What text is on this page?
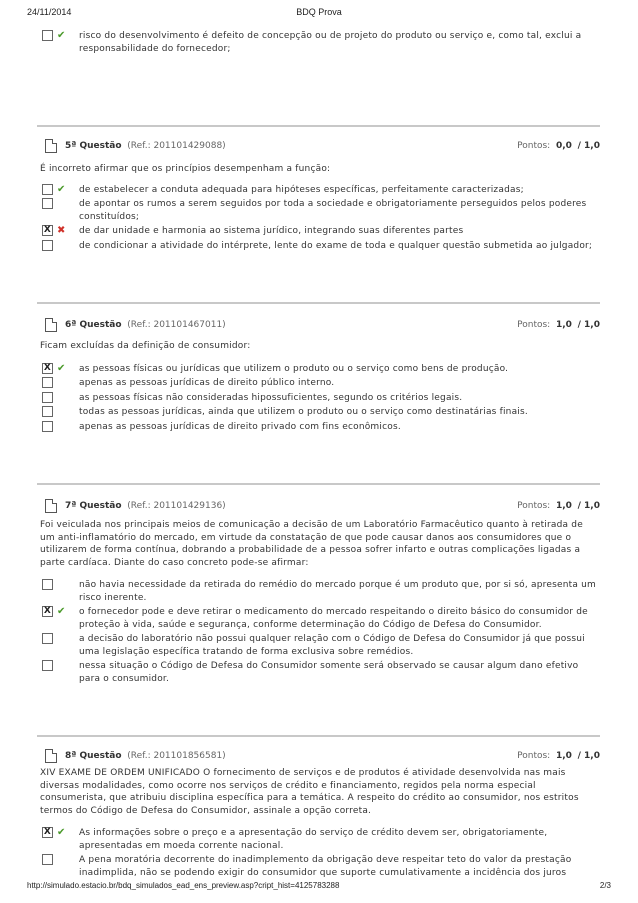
BDQ Prova
24/11/2014
✔ risco do desenvolvimento é defeito de concepção ou de projeto do produto ou serviço e, como tal, exclui a responsabilidade do fornecedor;
5ª Questão (Ref.: 201101429088)	Pontos: 0,0 / 1,0
É incorreto afirmar que os princípios desempenham a função:
✔ de estabelecer a conduta adequada para hipóteses específicas, perfeitamente caracterizadas;
de apontar os rumos a serem seguidos por toda a sociedade e obrigatoriamente perseguidos pelos poderes constituídos;
X ✖ de dar unidade e harmonia ao sistema jurídico, integrando suas diferentes partes
de condicionar a atividade do intérprete, lente do exame de toda e qualquer questão submetida ao julgador;
6ª Questão (Ref.: 201101467011)	Pontos: 1,0 / 1,0
Ficam excluídas da definição de consumidor:
X ✔ as pessoas físicas ou jurídicas que utilizem o produto ou o serviço como bens de produção.
apenas as pessoas jurídicas de direito público interno.
as pessoas físicas não consideradas hipossuficientes, segundo os critérios legais.
todas as pessoas jurídicas, ainda que utilizem o produto ou o serviço como destinatárias finais.
apenas as pessoas jurídicas de direito privado com fins econômicos.
7ª Questão (Ref.: 201101429136)	Pontos: 1,0 / 1,0
Foi veiculada nos principais meios de comunicação a decisão de um Laboratório Farmacêutico quanto à retirada de um anti-inflamatório do mercado, em virtude da constatação de que pode causar danos aos consumidores que o utilizarem de forma contínua, dobrando a probabilidade de a pessoa sofrer infarto e outras complicações ligadas a parte cardíaca. Diante do caso concreto pode-se afirmar:
não havia necessidade da retirada do remédio do mercado porque é um produto que, por si só, apresenta um risco inerente.
X ✔ o fornecedor pode e deve retirar o medicamento do mercado respeitando o direito básico do consumidor de proteção à vida, saúde e segurança, conforme determinação do Código de Defesa do Consumidor.
a decisão do laboratório não possui qualquer relação com o Código de Defesa do Consumidor já que possui uma legislação específica tratando de forma exclusiva sobre remédios.
nessa situação o Código de Defesa do Consumidor somente será observado se causar algum dano efetivo para o consumidor.
8ª Questão (Ref.: 201101856581)	Pontos: 1,0 / 1,0
XIV EXAME DE ORDEM UNIFICADO O fornecimento de serviços e de produtos é atividade desenvolvida nas mais diversas modalidades, como ocorre nos serviços de crédito e financiamento, regidos pela norma especial consumerista, que atribuiu disciplina específica para a temática. A respeito do crédito ao consumidor, nos estritos termos do Código de Defesa do Consumidor, assinale a opção correta.
X ✔ As informações sobre o preço e a apresentação do serviço de crédito devem ser, obrigatoriamente, apresentadas em moeda corrente nacional.
A pena moratória decorrente do inadimplemento da obrigação deve respeitar teto do valor da prestação inadimplida, não se podendo exigir do consumidor que suporte cumulativamente a incidência dos juros
http://simulado.estacio.br/bdq_simulados_ead_ens_preview.asp?cript_hist=4125783288	2/3
